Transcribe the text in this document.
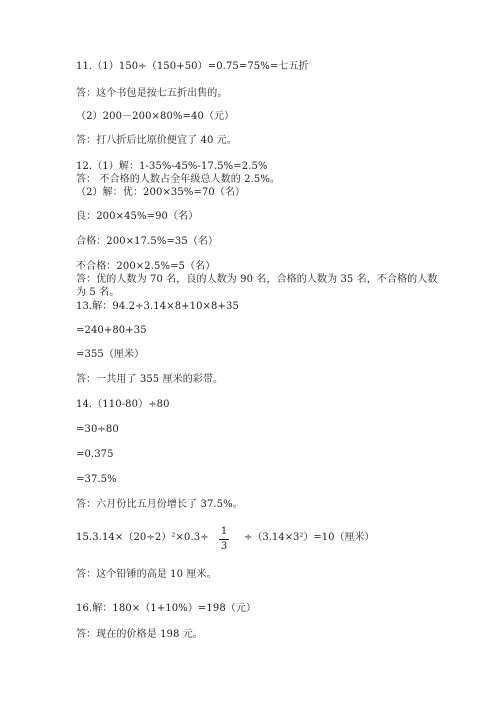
11.（1）150÷（150+50）=0.75=75%=七五折
答：这个书包是按七五折出售的。
（2）200－200×80%=40（元）
答：打八折后比原价便宜了 40 元。
12.（1）解：1-35%-45%-17.5%=2.5%
答： 不合格的人数占全年级总人数的 2.5%。
（2）解：优：200×35%=70（名）
良：200×45%=90（名）
合格：200×17.5%=35（名）
不合格：200×2.5%=5（名）
答：优的人数为 70 名，良的人数为 90 名，合格的人数为 35 名，不合格的人数
为 5 名。
13.解：94.2÷3.14×8+10×8+35
=240+80+35
=355（厘米）
答：一共用了 355 厘米的彩带。
14.（110-80）÷80
=30÷80
=0.375
=37.5%
答：六月份比五月份增长了 37.5%。
15.3.14×（20÷2）²×0.3÷
1
3
÷（3.14×3²）=10（厘米）
答：这个铅锤的高是 10 厘米。
16.解：180×（1+10%）=198（元）
答：现在的价格是 198 元。
